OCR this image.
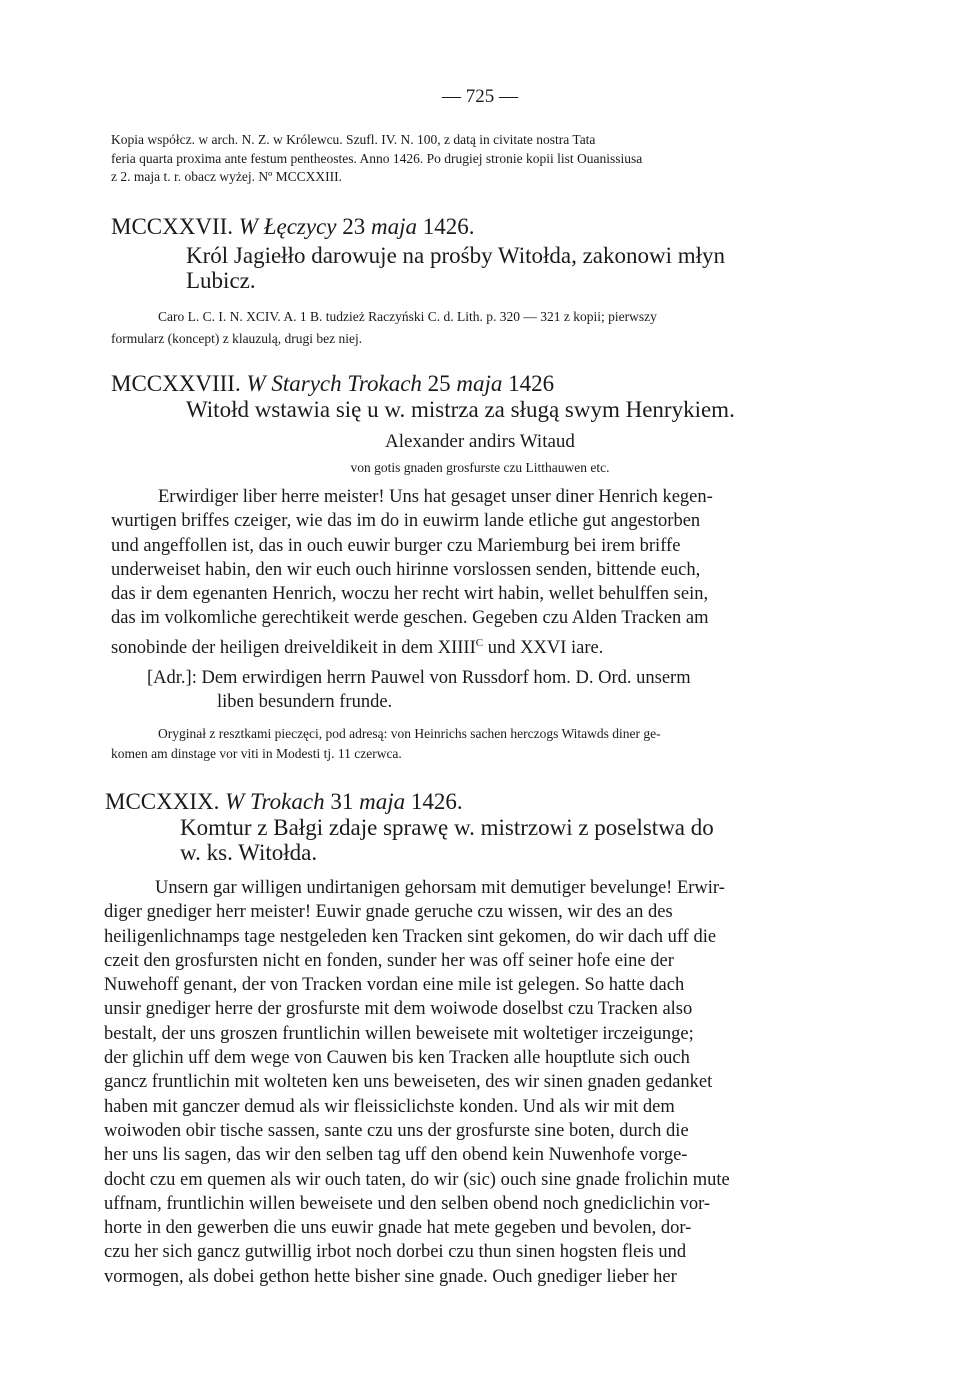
— 725 —
Kopia współcz. w arch. N. Z. w Królewcu. Szufl. IV. N. 100, z datą in civitate nostra Tata
feria quarta proxima ante festum pentheostes. Anno 1426. Po drugiej stronie kopii list Ouanissiusa
z 2. maja t. r. obacz wyżej. Nº MCCXXIII.
MCCXXVII. W Łęczycy 23 maja 1426.
Król Jagiełło darowuje na prośby Witołda, zakonowi młyn
Lubicz.
Caro L. C. I. N. XCIV. A. 1 B. tudzież Raczyński C. d. Lith. p. 320 — 321 z kopii; pierwszy
formularz (koncept) z klauzulą, drugi bez niej.
MCCXXVIII. W Starych Trokach 25 maja 1426
Witołd wstawia się u w. mistrza za sługą swym Henrykiem.
Alexander andirs Witaud
von gotis gnaden grosfurste czu Litthauwen etc.
Erwirdiger liber herre meister! Uns hat gesaget unser diner Henrich kegen-
wurtigen briffes czeiger, wie das im do in euwirm lande etliche gut angestorben
und angeffollen ist, das in ouch euwir burger czu Mariemburg bei irem briffe
underweiset habin, den wir euch ouch hirinne vorslossen senden, bittende euch,
das ir dem egenanten Henrich, woczu her recht wirt habin, wellet behulffen sein,
das im volkomliche gerechtikeit werde geschen. Gegeben czu Alden Tracken am
sonobinde der heiligen dreiveldikeit in dem $XIIII^C$ und XXVI iare.
[Adr.]: Dem erwirdigen herrn Pauwel von Russdorf hom. D. Ord. unserm
liben besundern frunde.
Oryginał z resztkami pieczęci, pod adresą: von Heinrichs sachen herczogs Witawds diner ge-
komen am dinstage vor viti in Modesti tj. 11 czerwca.
MCCXXIX. W Trokach 31 maja 1426.
Komtur z Bałgi zdaje sprawę w. mistrzowi z poselstwa do
w. ks. Witołda.
Unsern gar willigen undirtanigen gehorsam mit demutiger bevelunge! Erwir-
diger gnediger herr meister! Euwir gnade geruche czu wissen, wir des an des
heiligenlichnamps tage nestgeleden ken Tracken sint gekomen, do wir dach uff die
czeit den grosfursten nicht en fonden, sunder her was off seiner hofe eine der
Nuwehoff genant, der von Tracken vordan eine mile ist gelegen. So hatte dach
unsir gnediger herre der grosfurste mit dem woiwode doselbst czu Tracken also
bestalt, der uns groszen fruntlichin willen beweisete mit woltetiger irczeigunge;
der glichin uff dem wege von Cauwen bis ken Tracken alle houptlute sich ouch
gancz fruntlichin mit wolteten ken uns beweiseten, des wir sinen gnaden gedanket
haben mit ganczer demud als wir fleissiclichste konden. Und als wir mit dem
woiwoden obir tische sassen, sante czu uns der grosfurste sine boten, durch die
her uns lis sagen, das wir den selben tag uff den obend kein Nuwenhofe vorge-
docht czu em quemen als wir ouch taten, do wir (sic) ouch sine gnade frolichin mute
uffnam, fruntlichin willen beweisete und den selben obend noch gnediclichin vor-
horte in den gewerben die uns euwir gnade hat mete gegeben und bevolen, dor-
czu her sich gancz gutwillig irbot noch dorbei czu thun sinen hogsten fleis und
vormogen, als dobei gethon hette bisher sine gnade. Ouch gnediger lieber her
